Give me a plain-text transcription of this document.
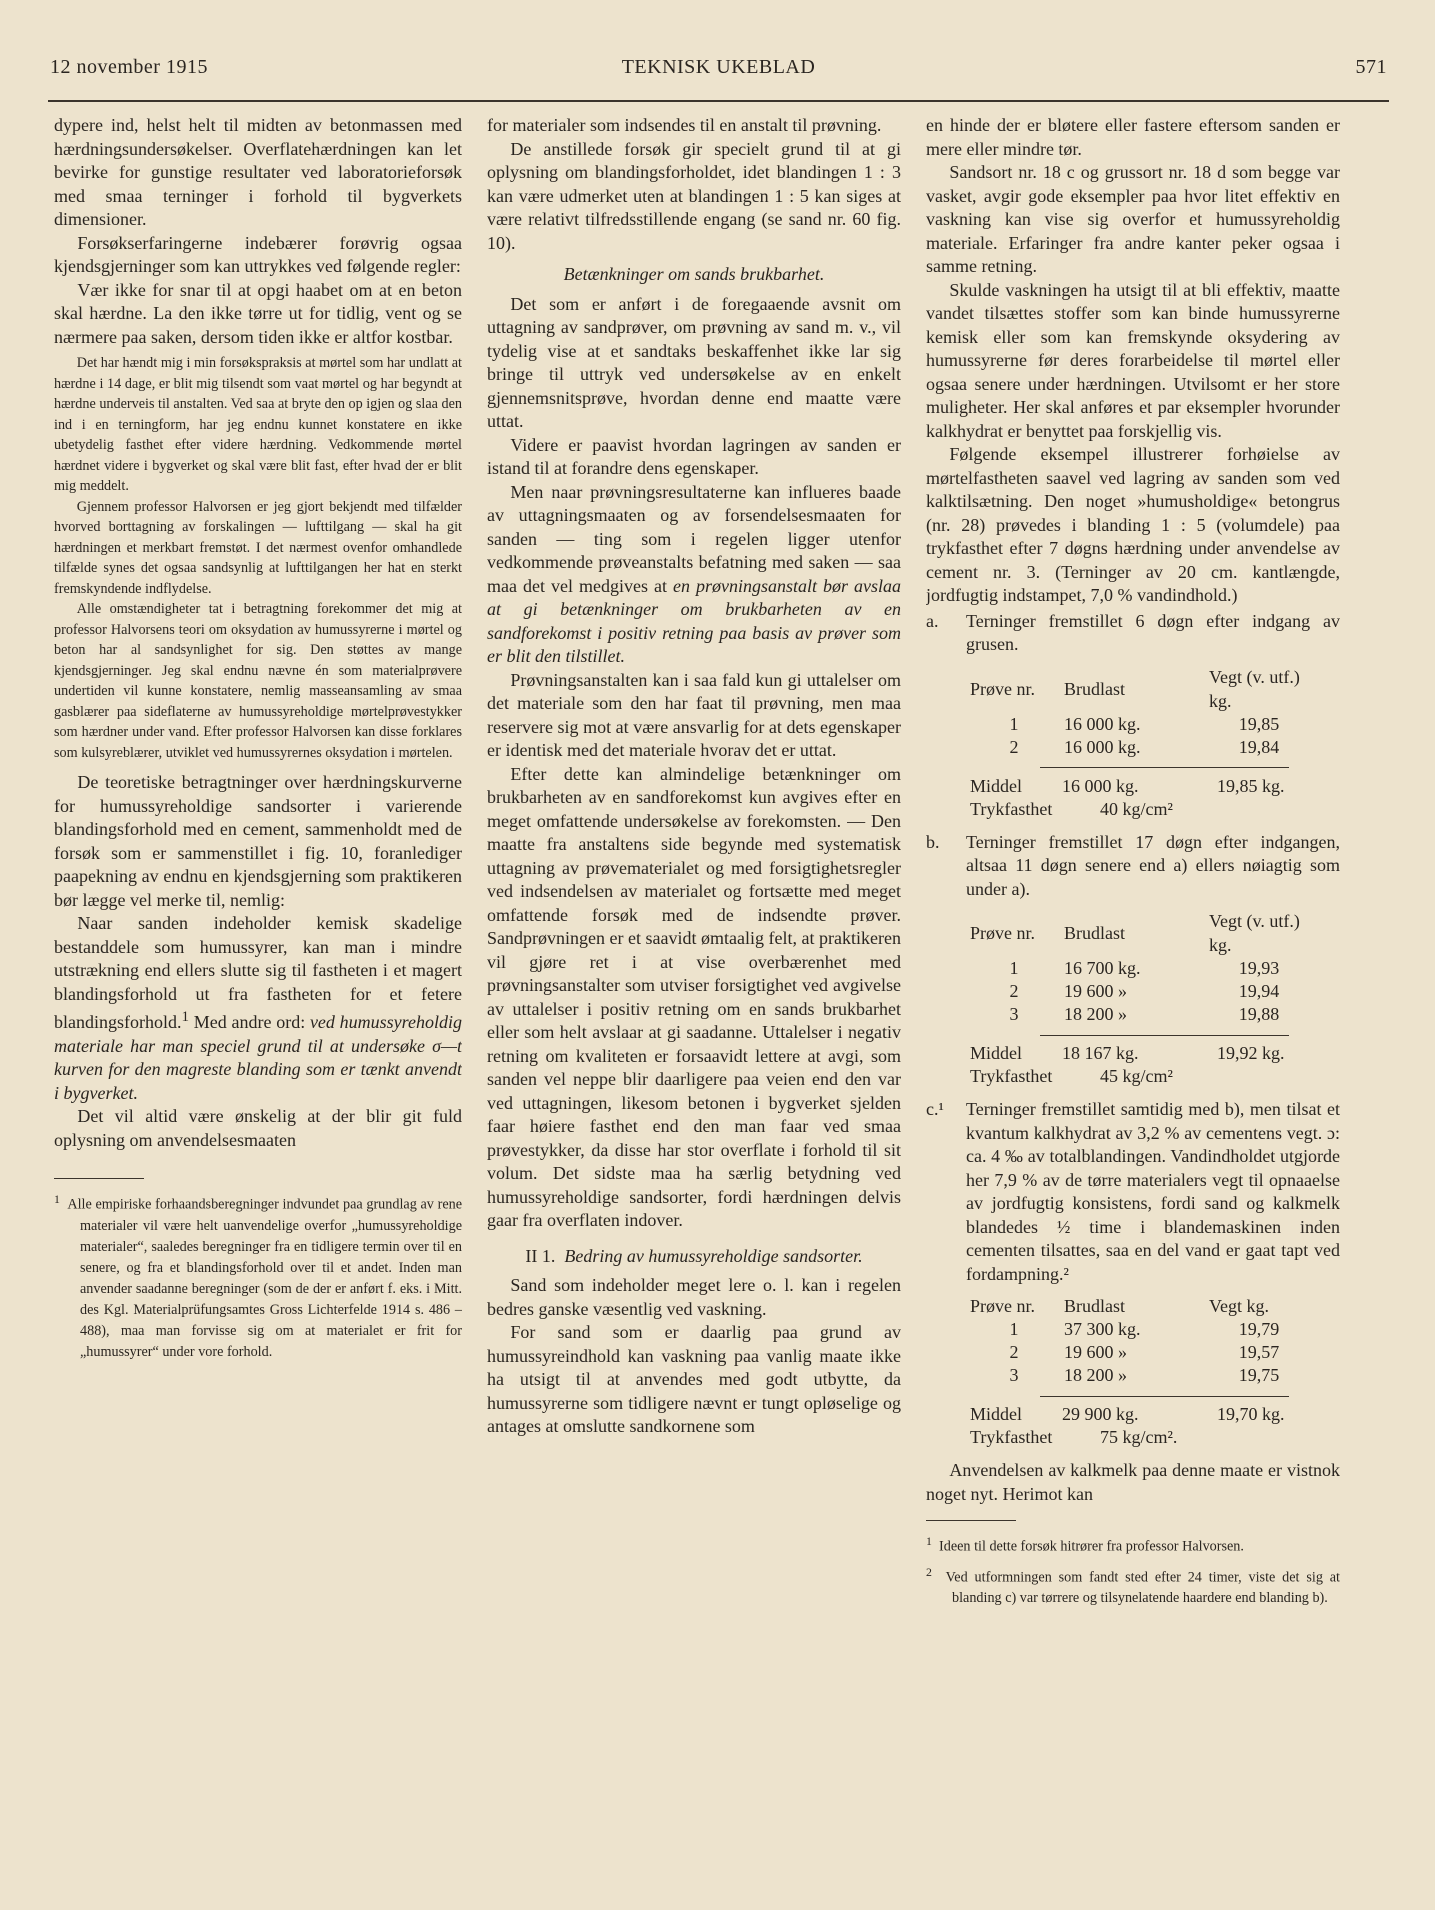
12 november 1915	TEKNISK UKEBLAD	571

dypere ind, helst helt til midten av betonmassen med hærdningsundersøkelser. Overflatehærdningen kan let bevirke for gunstige resultater ved laboratorieforsøk med smaa terninger i forhold til bygverkets dimensioner.

Forsøkserfaringerne indebærer forøvrig ogsaa kjendsgjerninger som kan uttrykkes ved følgende regler:

Vær ikke for snar til at opgi haabet om at en beton skal hærdne. La den ikke tørre ut for tidlig, vent og se nærmere paa saken, dersom tiden ikke er altfor kostbar.

Det har hændt mig i min forsøkspraksis at mørtel som har undlatt at hærdne i 14 dage, er blit mig tilsendt som vaat mørtel og har begyndt at hærdne underveis til anstalten. Ved saa at bryte den op igjen og slaa den ind i en terningform, har jeg endnu kunnet konstatere en ikke ubetydelig fasthet efter videre hærdning. Vedkommende mørtel hærdnet videre i bygverket og skal være blit fast, efter hvad der er blit mig meddelt.

Gjennem professor Halvorsen er jeg gjort bekjendt med tilfælder hvorved borttagning av forskalingen — lufttilgang — skal ha git hærdningen et merkbart fremstøt. I det nærmest ovenfor omhandlede tilfælde synes det ogsaa sandsynlig at lufttilgangen her hat en sterkt fremskyndende indflydelse.

Alle omstændigheter tat i betragtning forekommer det mig at professor Halvorsens teori om oksydation av humussyrerne i mørtel og beton har al sandsynlighet for sig. Den støttes av mange kjendsgjerninger. Jeg skal endnu nævne én som materialprøvere undertiden vil kunne konstatere, nemlig masseansamling av smaa gasblærer paa sideflaterne av humussyreholdige mørtelprøvestykker som hærdner under vand. Efter professor Halvorsen kan disse forklares som kulsyreblærer, utviklet ved humussyrernes oksydation i mørtelen.

De teoretiske betragtninger over hærdningskurverne for humussyreholdige sandsorter i varierende blandingsforhold med en cement, sammenholdt med de forsøk som er sammenstillet i fig. 10, foranlediger paapekning av endnu en kjendsgjerning som praktikeren bør lægge vel merke til, nemlig:

Naar sanden indeholder kemisk skadelige bestanddele som humussyrer, kan man i mindre utstrækning end ellers slutte sig til fastheten i et magert blandingsforhold ut fra fastheten for et fetere blandingsforhold.$^1$ Med andre ord: ved humussyreholdig materiale har man speciel grund til at undersøke σ—t kurven for den magreste blanding som er tænkt anvendt i bygverket.

Det vil altid være ønskelig at der blir git fuld oplysning om anvendelsesmaaten

$^1$ Alle empiriske forhaandsberegninger indvundet paa grundlag av rene materialer vil være helt uanvendelige overfor „humussyreholdige materialer“, saaledes beregninger fra en tidligere termin over til en senere, og fra et blandingsforhold over til et andet. Inden man anvender saadanne beregninger (som de der er anført f. eks. i Mitt. des Kgl. Materialprüfungsamtes Gross Lichterfelde 1914 s. 486 – 488), maa man forvisse sig om at materialet er frit for „humussyrer“ under vore forhold.

for materialer som indsendes til en anstalt til prøvning.

De anstillede forsøk gir specielt grund til at gi oplysning om blandingsforholdet, idet blandingen 1 : 3 kan være udmerket uten at blandingen 1 : 5 kan siges at være relativt tilfredsstillende engang (se sand nr. 60 fig. 10).

Betænkninger om sands brukbarhet.

Det som er anført i de foregaaende avsnit om uttagning av sandprøver, om prøvning av sand m. v., vil tydelig vise at et sandtaks beskaffenhet ikke lar sig bringe til uttryk ved undersøkelse av en enkelt gjennemsnitsprøve, hvordan denne end maatte være uttat.

Videre er paavist hvordan lagringen av sanden er istand til at forandre dens egenskaper.

Men naar prøvningsresultaterne kan influeres baade av uttagningsmaaten og av forsendelsesmaaten for sanden — ting som i regelen ligger utenfor vedkommende prøveanstalts befatning med saken — saa maa det vel medgives at en prøvningsanstalt bør avslaa at gi betænkninger om brukbarheten av en sandforekomst i positiv retning paa basis av prøver som er blit den tilstillet.

Prøvningsanstalten kan i saa fald kun gi uttalelser om det materiale som den har faat til prøvning, men maa reservere sig mot at være ansvarlig for at dets egenskaper er identisk med det materiale hvorav det er uttat.

Efter dette kan almindelige betænkninger om brukbarheten av en sandforekomst kun avgives efter en meget omfattende undersøkelse av forekomsten. — Den maatte fra anstaltens side begynde med systematisk uttagning av prøvematerialet og med forsigtighetsregler ved indsendelsen av materialet og fortsætte med meget omfattende forsøk med de indsendte prøver. Sandprøvningen er et saavidt ømtaalig felt, at praktikeren vil gjøre ret i at vise overbærenhet med prøvningsanstalter som utviser forsigtighet ved avgivelse av uttalelser i positiv retning om en sands brukbarhet eller som helt avslaar at gi saadanne. Uttalelser i negativ retning om kvaliteten er forsaavidt lettere at avgi, som sanden vel neppe blir daarligere paa veien end den var ved uttagningen, likesom betonen i bygverket sjelden faar høiere fasthet end den man faar ved smaa prøvestykker, da disse har stor overflate i forhold til sit volum. Det sidste maa ha særlig betydning ved humussyreholdige sandsorter, fordi hærdningen delvis gaar fra overflaten indover.

II 1. Bedring av humussyreholdige sandsorter.

Sand som indeholder meget lere o. l. kan i regelen bedres ganske væsentlig ved vaskning.

For sand som er daarlig paa grund av humussyreindhold kan vaskning paa vanlig maate ikke ha utsigt til at anvendes med godt utbytte, da humussyrerne som tidligere nævnt er tungt opløselige og antages at omslutte sandkornene som

en hinde der er bløtere eller fastere eftersom sanden er mere eller mindre tør.

Sandsort nr. 18 c og grussort nr. 18 d som begge var vasket, avgir gode eksempler paa hvor litet effektiv en vaskning kan vise sig overfor et humussyreholdig materiale. Erfaringer fra andre kanter peker ogsaa i samme retning.

Skulde vaskningen ha utsigt til at bli effektiv, maatte vandet tilsættes stoffer som kan binde humussyrerne kemisk eller som kan fremskynde oksydering av humussyrerne før deres forarbeidelse til mørtel eller ogsaa senere under hærdningen. Utvilsomt er her store muligheter. Her skal anføres et par eksempler hvorunder kalkhydrat er benyttet paa forskjellig vis.

Følgende eksempel illustrerer forhøielse av mørtelfastheten saavel ved lagring av sanden som ved kalktilsætning. Den noget »humusholdige« betongrus (nr. 28) prøvedes i blanding 1 : 5 (volumdele) paa trykfasthet efter 7 døgns hærdning under anvendelse av cement nr. 3. (Terninger av 20 cm. kantlængde, jordfugtig indstampet, 7,0 % vandindhold.)

a.	Terninger fremstillet 6 døgn efter indgang av grusen.
Prøve nr.	Brudlast	Vegt (v. utf.) kg.
1	16 000 kg.	19,85
2	16 000 kg.	19,84

Middel	16 000 kg.	19,85 kg.
Trykfasthet	40 kg/cm²
b.	Terninger fremstillet 17 døgn efter indgangen, altsaa 11 døgn senere end a) ellers nøiagtig som under a).
Prøve nr.	Brudlast	Vegt (v. utf.) kg.
1	16 700 kg.	19,93
2	19 600 »	19,94
3	18 200 »	19,88

Middel	18 167 kg.	19,92 kg.
Trykfasthet	45 kg/cm²
c.¹	Terninger fremstillet samtidig med b), men tilsat et kvantum kalkhydrat av 3,2 % av cementens vegt. ɔ: ca. 4 ‰ av totalblandingen. Vandindholdet utgjorde her 7,9 % av de tørre materialers vegt til opnaaelse av jordfugtig konsistens, fordi sand og kalkmelk blandedes ½ time i blandemaskinen inden cementen tilsattes, saa en del vand er gaat tapt ved fordampning.²
Prøve nr.	Brudlast	Vegt kg.
1	37 300 kg.	19,79
2	19 600 »	19,57
3	18 200 »	19,75

Middel	29 900 kg.	19,70 kg.
Trykfasthet	75 kg/cm².

Anvendelsen av kalkmelk paa denne maate er vistnok noget nyt. Herimot kan

$^1$ Ideen til dette forsøk hitrører fra professor Halvorsen.
$^2$ Ved utformningen som fandt sted efter 24 timer, viste det sig at blanding c) var tørrere og tilsynelatende haardere end blanding b).
